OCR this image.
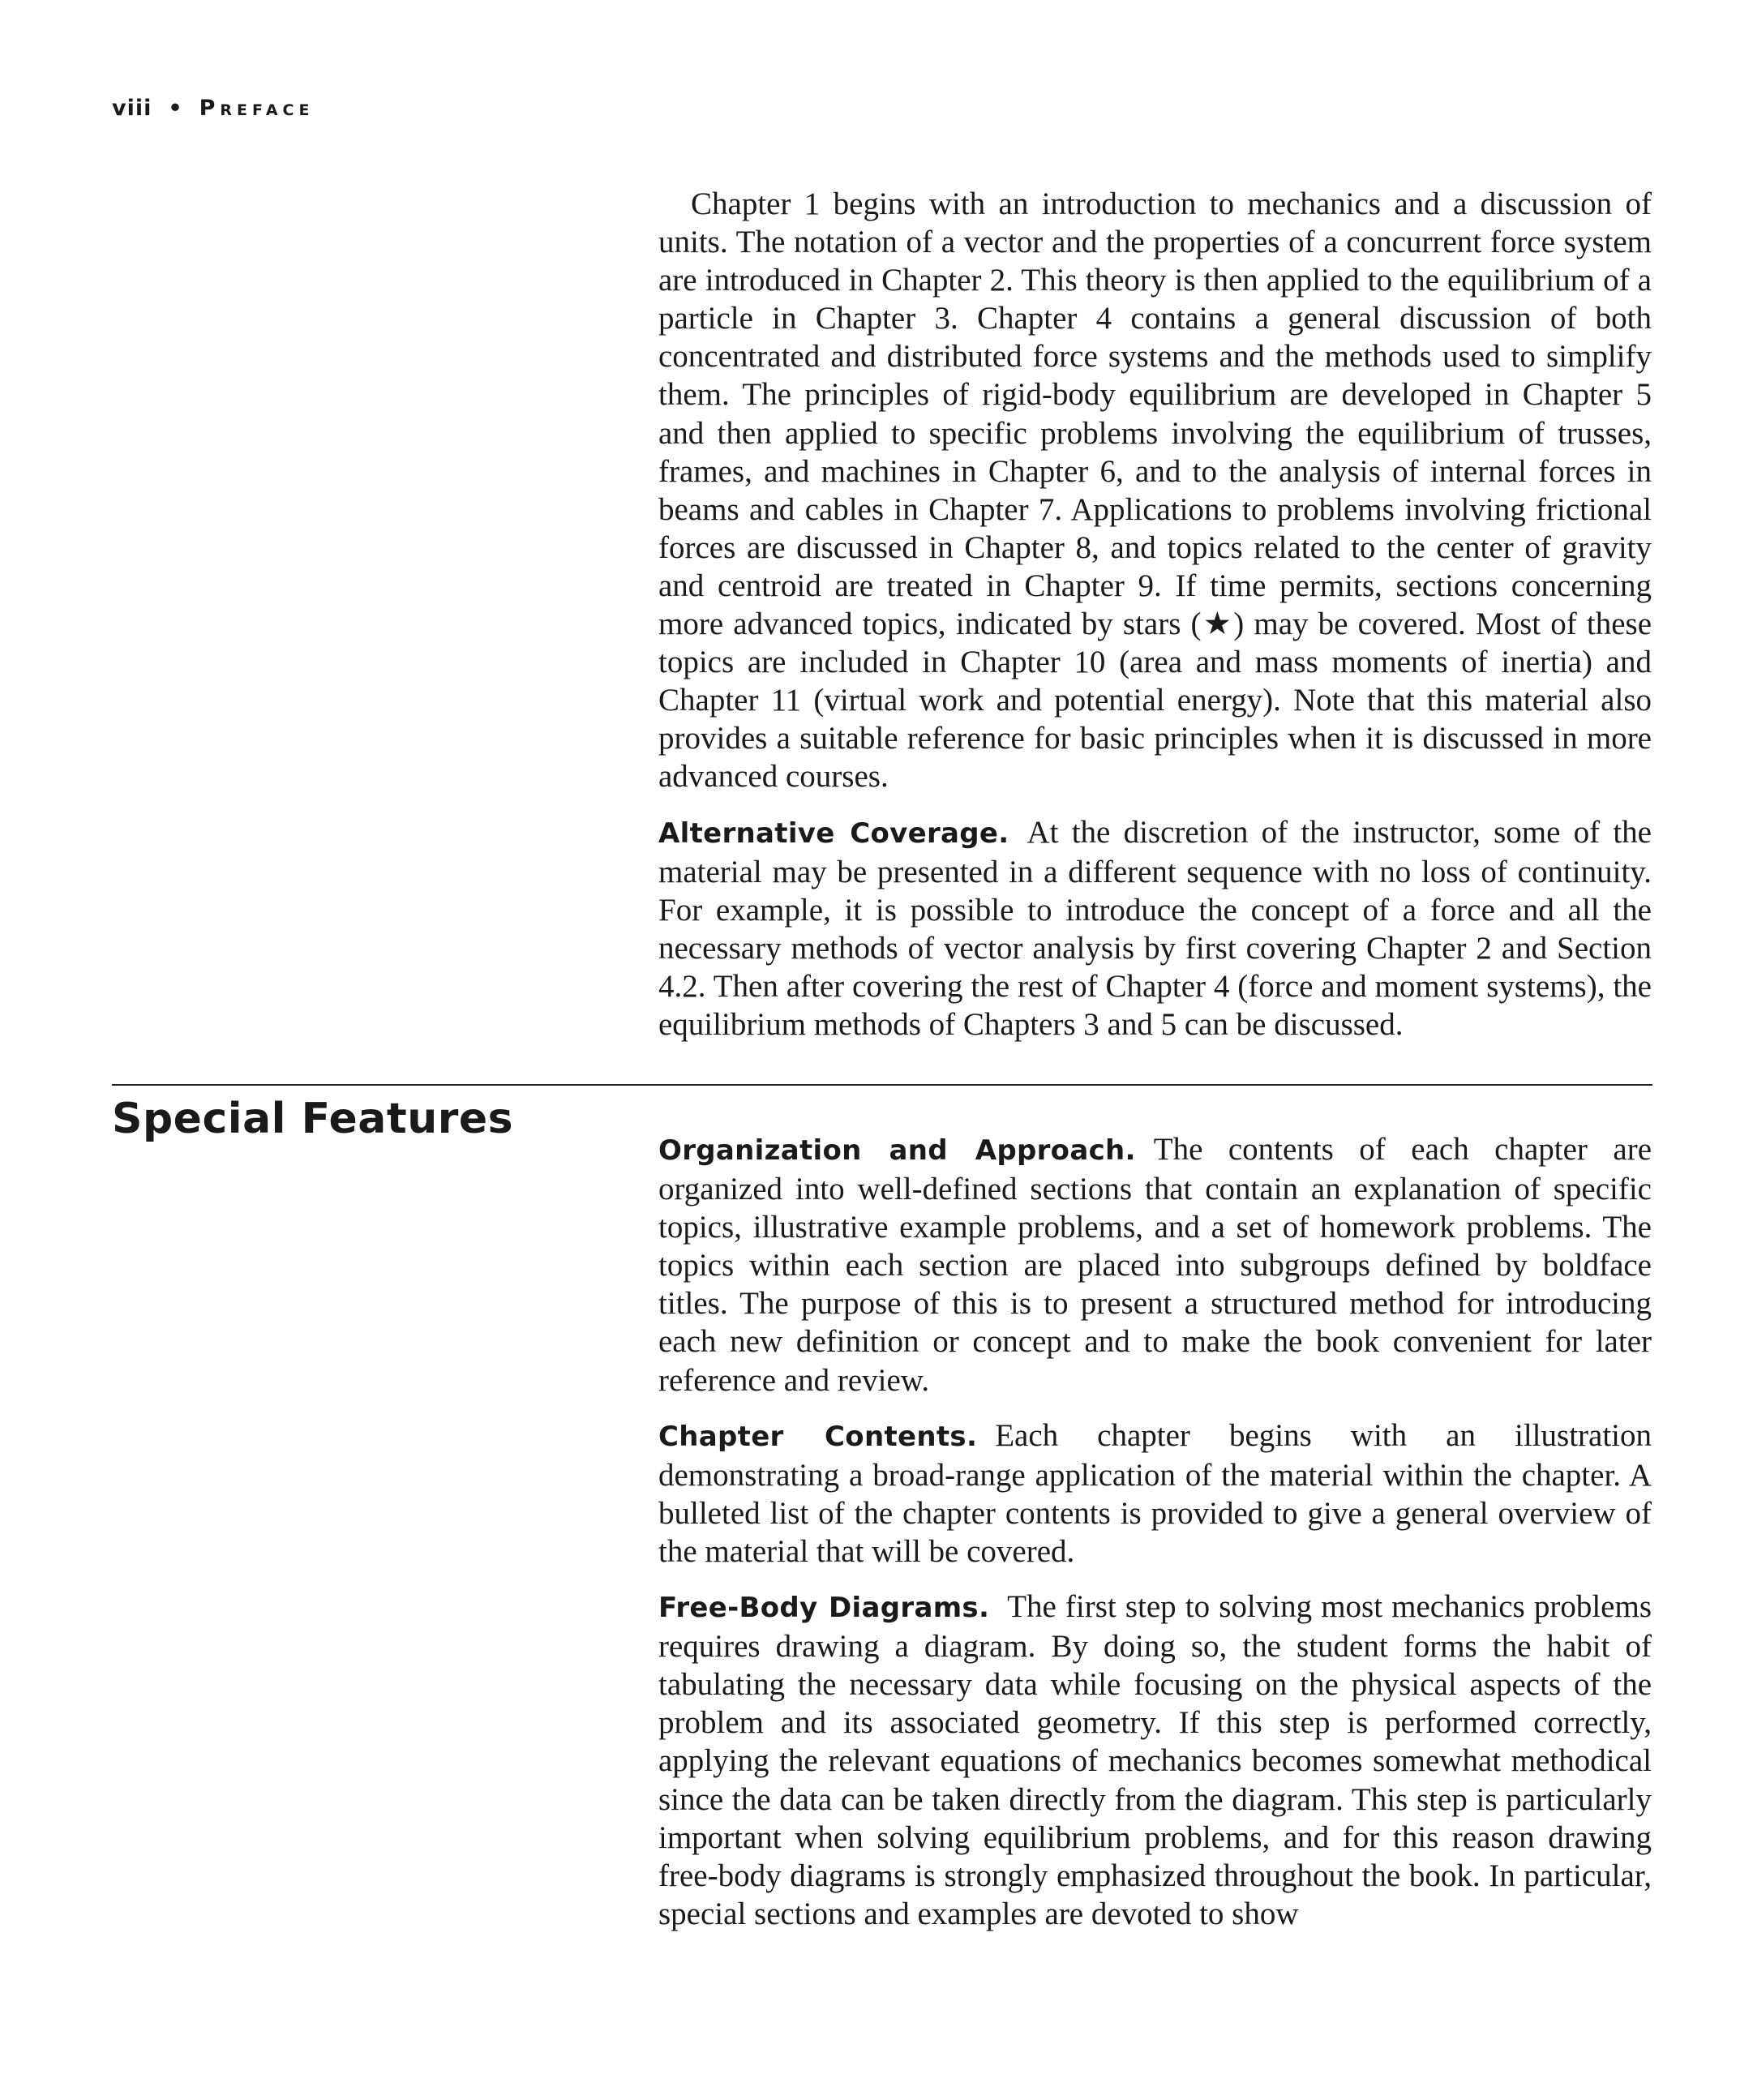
viii • Preface

Chapter 1 begins with an introduction to mechanics and a discussion of units. The notation of a vector and the properties of a concurrent force system are introduced in Chapter 2. This theory is then applied to the equilibrium of a particle in Chapter 3. Chapter 4 contains a general discussion of both concentrated and distributed force systems and the methods used to simplify them. The principles of rigid-body equilibrium are developed in Chapter 5 and then applied to specific problems involving the equilibrium of trusses, frames, and machines in Chapter 6, and to the analysis of internal forces in beams and cables in Chapter 7. Applications to problems involving frictional forces are discussed in Chapter 8, and topics related to the center of gravity and centroid are treated in Chapter 9. If time permits, sections concerning more advanced topics, indicated by stars (★) may be covered. Most of these topics are included in Chapter 10 (area and mass moments of inertia) and Chapter 11 (virtual work and potential energy). Note that this material also provides a suitable reference for basic principles when it is discussed in more advanced courses.

Alternative Coverage. At the discretion of the instructor, some of the material may be presented in a different sequence with no loss of continuity. For example, it is possible to introduce the concept of a force and all the necessary methods of vector analysis by first covering Chapter 2 and Section 4.2. Then after covering the rest of Chapter 4 (force and moment systems), the equilibrium methods of Chapters 3 and 5 can be discussed.

Special Features

Organization and Approach. The contents of each chapter are organized into well-defined sections that contain an explanation of specific topics, illustrative example problems, and a set of homework problems. The topics within each section are placed into subgroups defined by boldface titles. The purpose of this is to present a structured method for introducing each new definition or concept and to make the book convenient for later reference and review.

Chapter Contents. Each chapter begins with an illustration demonstrating a broad-range application of the material within the chapter. A bulleted list of the chapter contents is provided to give a general overview of the material that will be covered.

Free-Body Diagrams. The first step to solving most mechanics problems requires drawing a diagram. By doing so, the student forms the habit of tabulating the necessary data while focusing on the physical aspects of the problem and its associated geometry. If this step is performed correctly, applying the relevant equations of mechanics becomes somewhat methodical since the data can be taken directly from the diagram. This step is particularly important when solving equilibrium problems, and for this reason drawing free-body diagrams is strongly emphasized throughout the book. In particular, special sections and examples are devoted to show
